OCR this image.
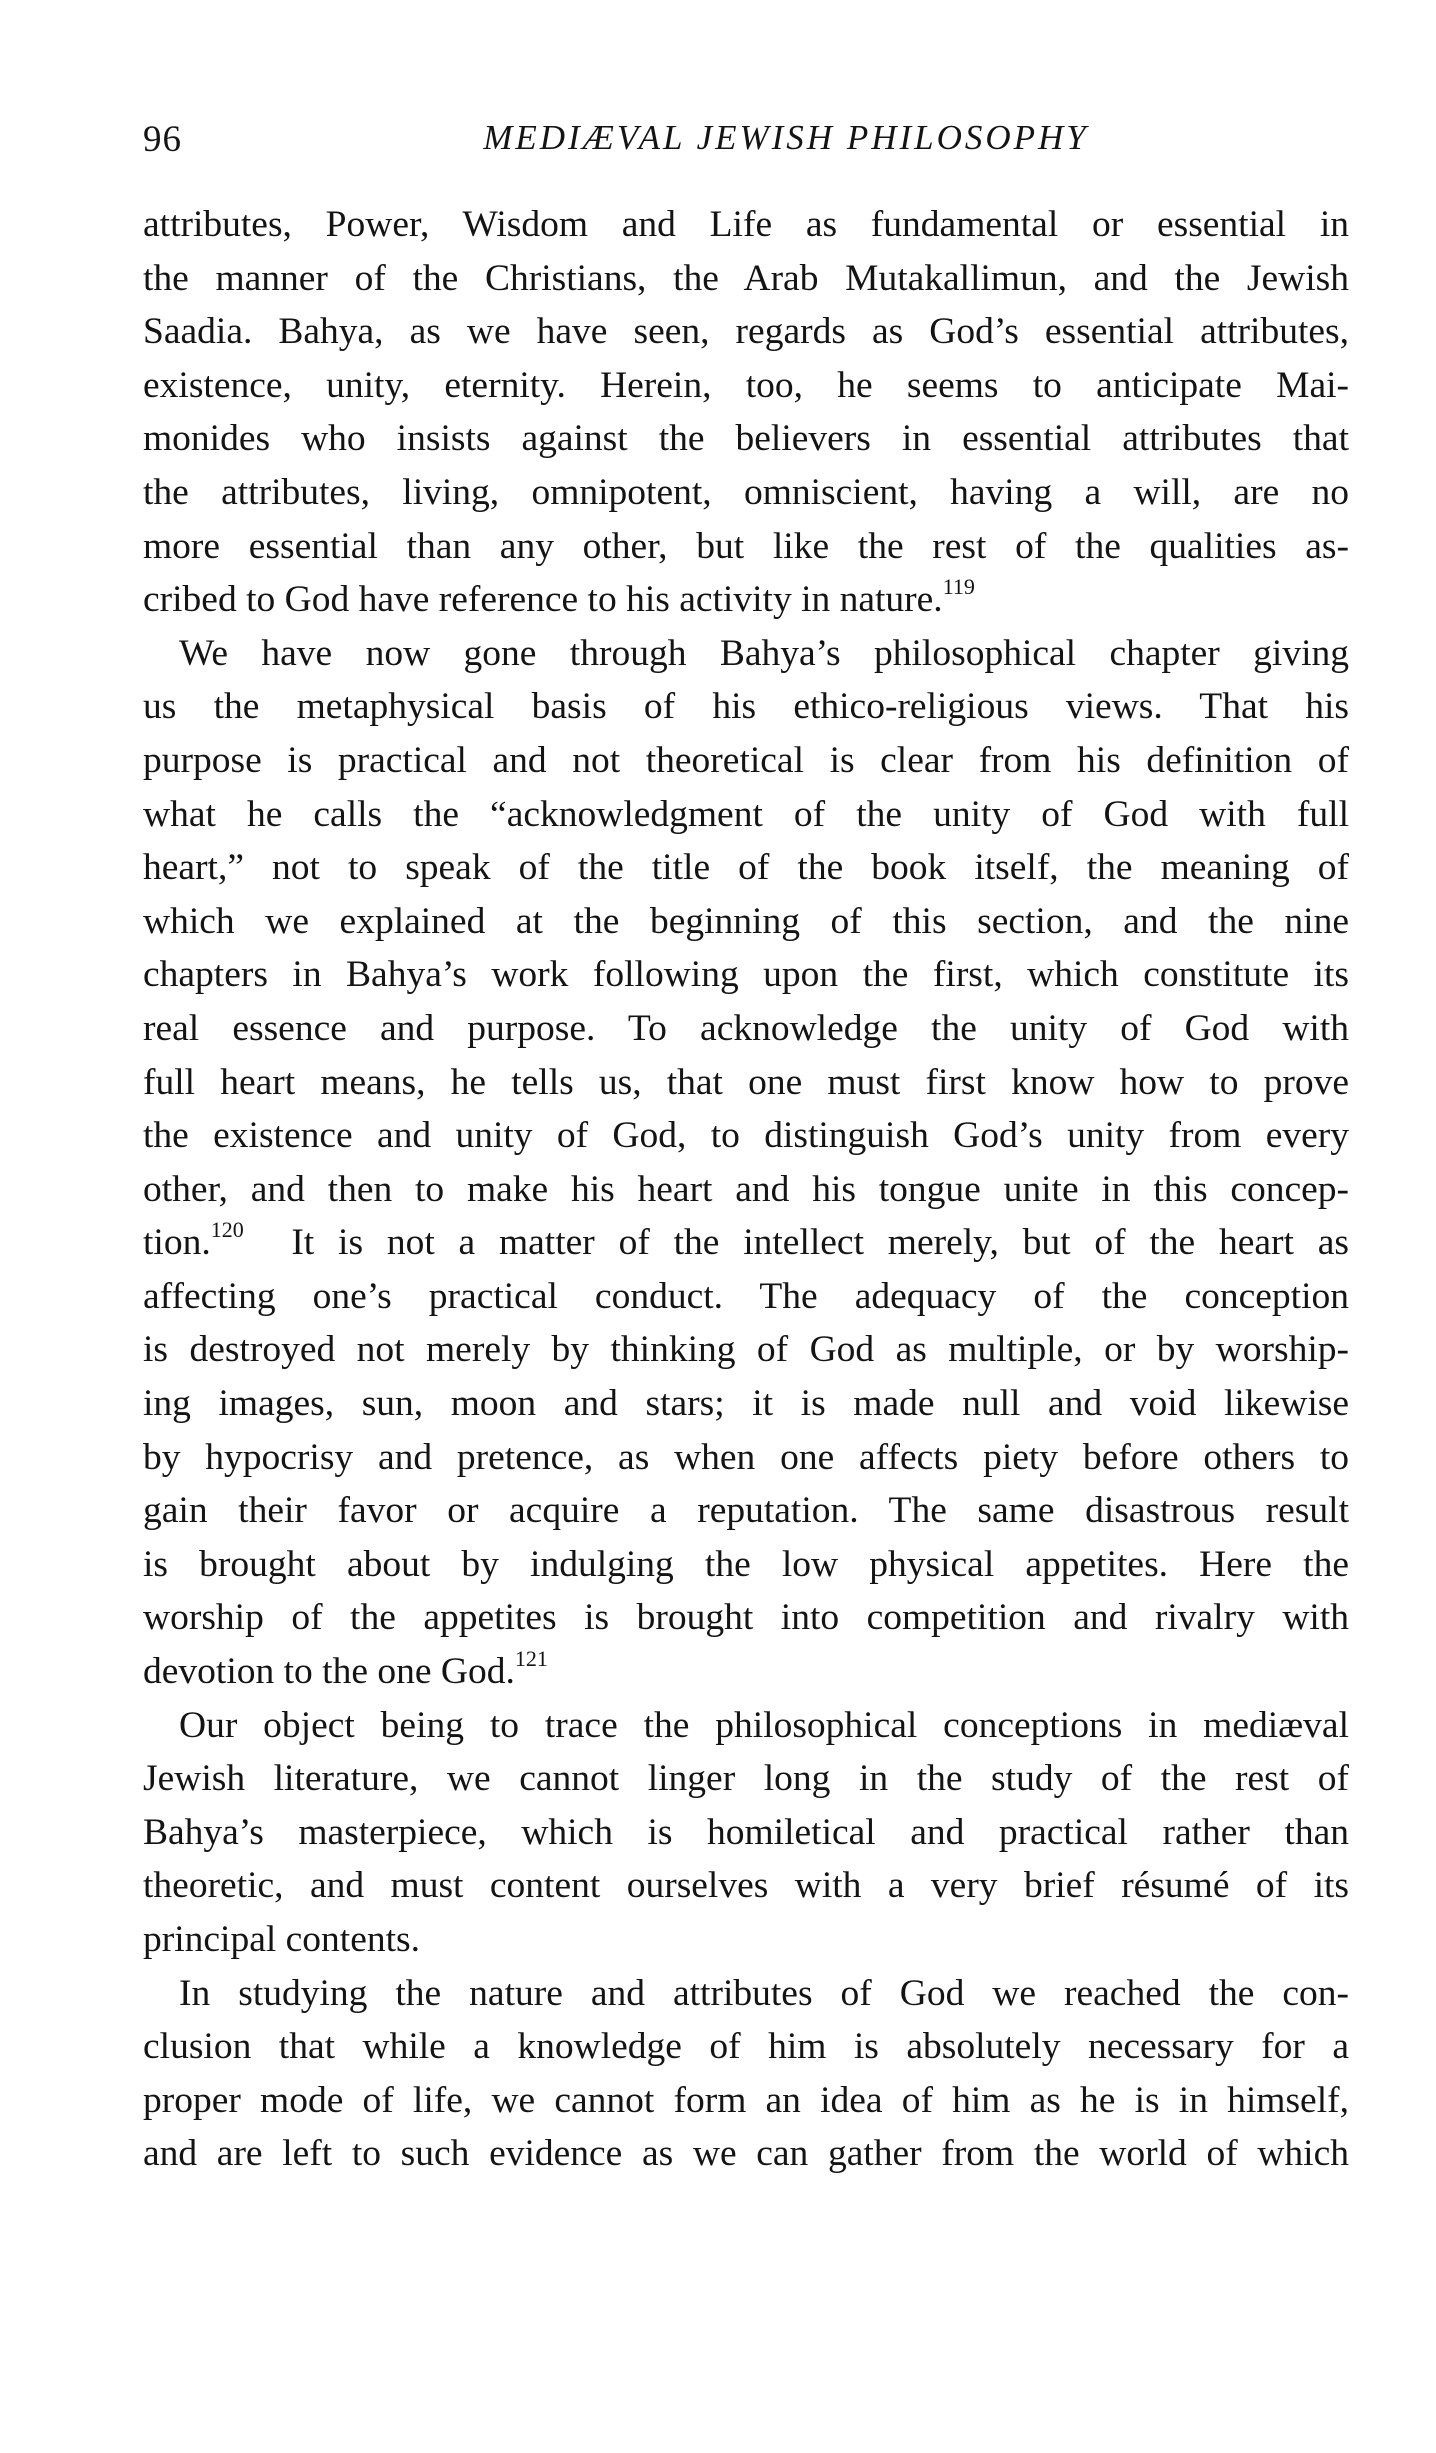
96	MEDIÆVAL JEWISH PHILOSOPHY
attributes, Power, Wisdom and Life as fundamental or essential in
the manner of the Christians, the Arab Mutakallimun, and the Jewish
Saadia. Bahya, as we have seen, regards as God’s essential attributes,
existence, unity, eternity. Herein, too, he seems to anticipate Mai-
monides who insists against the believers in essential attributes that
the attributes, living, omnipotent, omniscient, having a will, are no
more essential than any other, but like the rest of the qualities as-
cribed to God have reference to his activity in nature.$^{119}$
We have now gone through Bahya’s philosophical chapter giving
us the metaphysical basis of his ethico-religious views. That his
purpose is practical and not theoretical is clear from his definition of
what he calls the “acknowledgment of the unity of God with full
heart,” not to speak of the title of the book itself, the meaning of
which we explained at the beginning of this section, and the nine
chapters in Bahya’s work following upon the first, which constitute its
real essence and purpose. To acknowledge the unity of God with
full heart means, he tells us, that one must first know how to prove
the existence and unity of God, to distinguish God’s unity from every
other, and then to make his heart and his tongue unite in this concep-
tion.$^{120}$  It is not a matter of the intellect merely, but of the heart as
affecting one’s practical conduct. The adequacy of the conception
is destroyed not merely by thinking of God as multiple, or by worship-
ing images, sun, moon and stars; it is made null and void likewise
by hypocrisy and pretence, as when one affects piety before others to
gain their favor or acquire a reputation. The same disastrous result
is brought about by indulging the low physical appetites. Here the
worship of the appetites is brought into competition and rivalry with
devotion to the one God.$^{121}$
Our object being to trace the philosophical conceptions in mediæval
Jewish literature, we cannot linger long in the study of the rest of
Bahya’s masterpiece, which is homiletical and practical rather than
theoretic, and must content ourselves with a very brief résumé of its
principal contents.
In studying the nature and attributes of God we reached the con-
clusion that while a knowledge of him is absolutely necessary for a
proper mode of life, we cannot form an idea of him as he is in himself,
and are left to such evidence as we can gather from the world of which
